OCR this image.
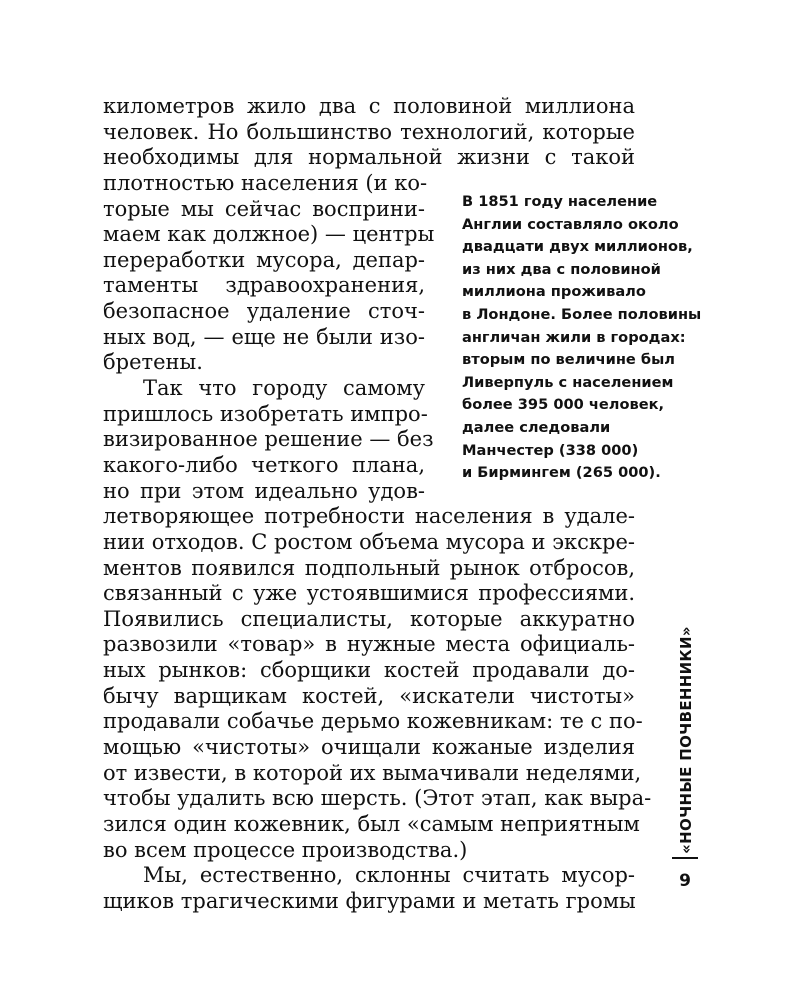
километров жило два с половиной миллиона
человек. Но большинство технологий, которые
необходимы для нормальной жизни с такой
плотностью населения (и ко-
торые мы сейчас восприни-
маем как должное) — центры
переработки мусора, депар-
таменты здравоохранения,
безопасное удаление сточ-
ных вод, — еще не были изо-
бретены.
Так что городу самому
пришлось изобретать импро-
визированное решение — без
какого-либо четкого плана,
но при этом идеально удов-
летворяющее потребности населения в удале-
нии отходов. С ростом объема мусора и экскре-
ментов появился подпольный рынок отбросов,
связанный с уже устоявшимися профессиями.
Появились специалисты, которые аккуратно
развозили «товар» в нужные места официаль-
ных рынков: сборщики костей продавали до-
бычу варщикам костей, «искатели чистоты»
продавали собачье дерьмо кожевникам: те с по-
мощью «чистоты» очищали кожаные изделия
от извести, в которой их вымачивали неделями,
чтобы удалить всю шерсть. (Этот этап, как выра-
зился один кожевник, был «самым неприятным
во всем процессе производства.)
Мы, естественно, склонны считать мусор-
щиков трагическими фигурами и метать громы
В 1851 году население
Англии составляло около
двадцати двух миллионов,
из них два с половиной
миллиона проживало
в Лондоне. Более половины
англичан жили в городах:
вторым по величине был
Ливерпуль с населением
более 395 000 человек,
далее следовали
Манчестер (338 000)
и Бирмингем (265 000).
«НОЧНЫЕ ПОЧВЕННИКИ»
9
